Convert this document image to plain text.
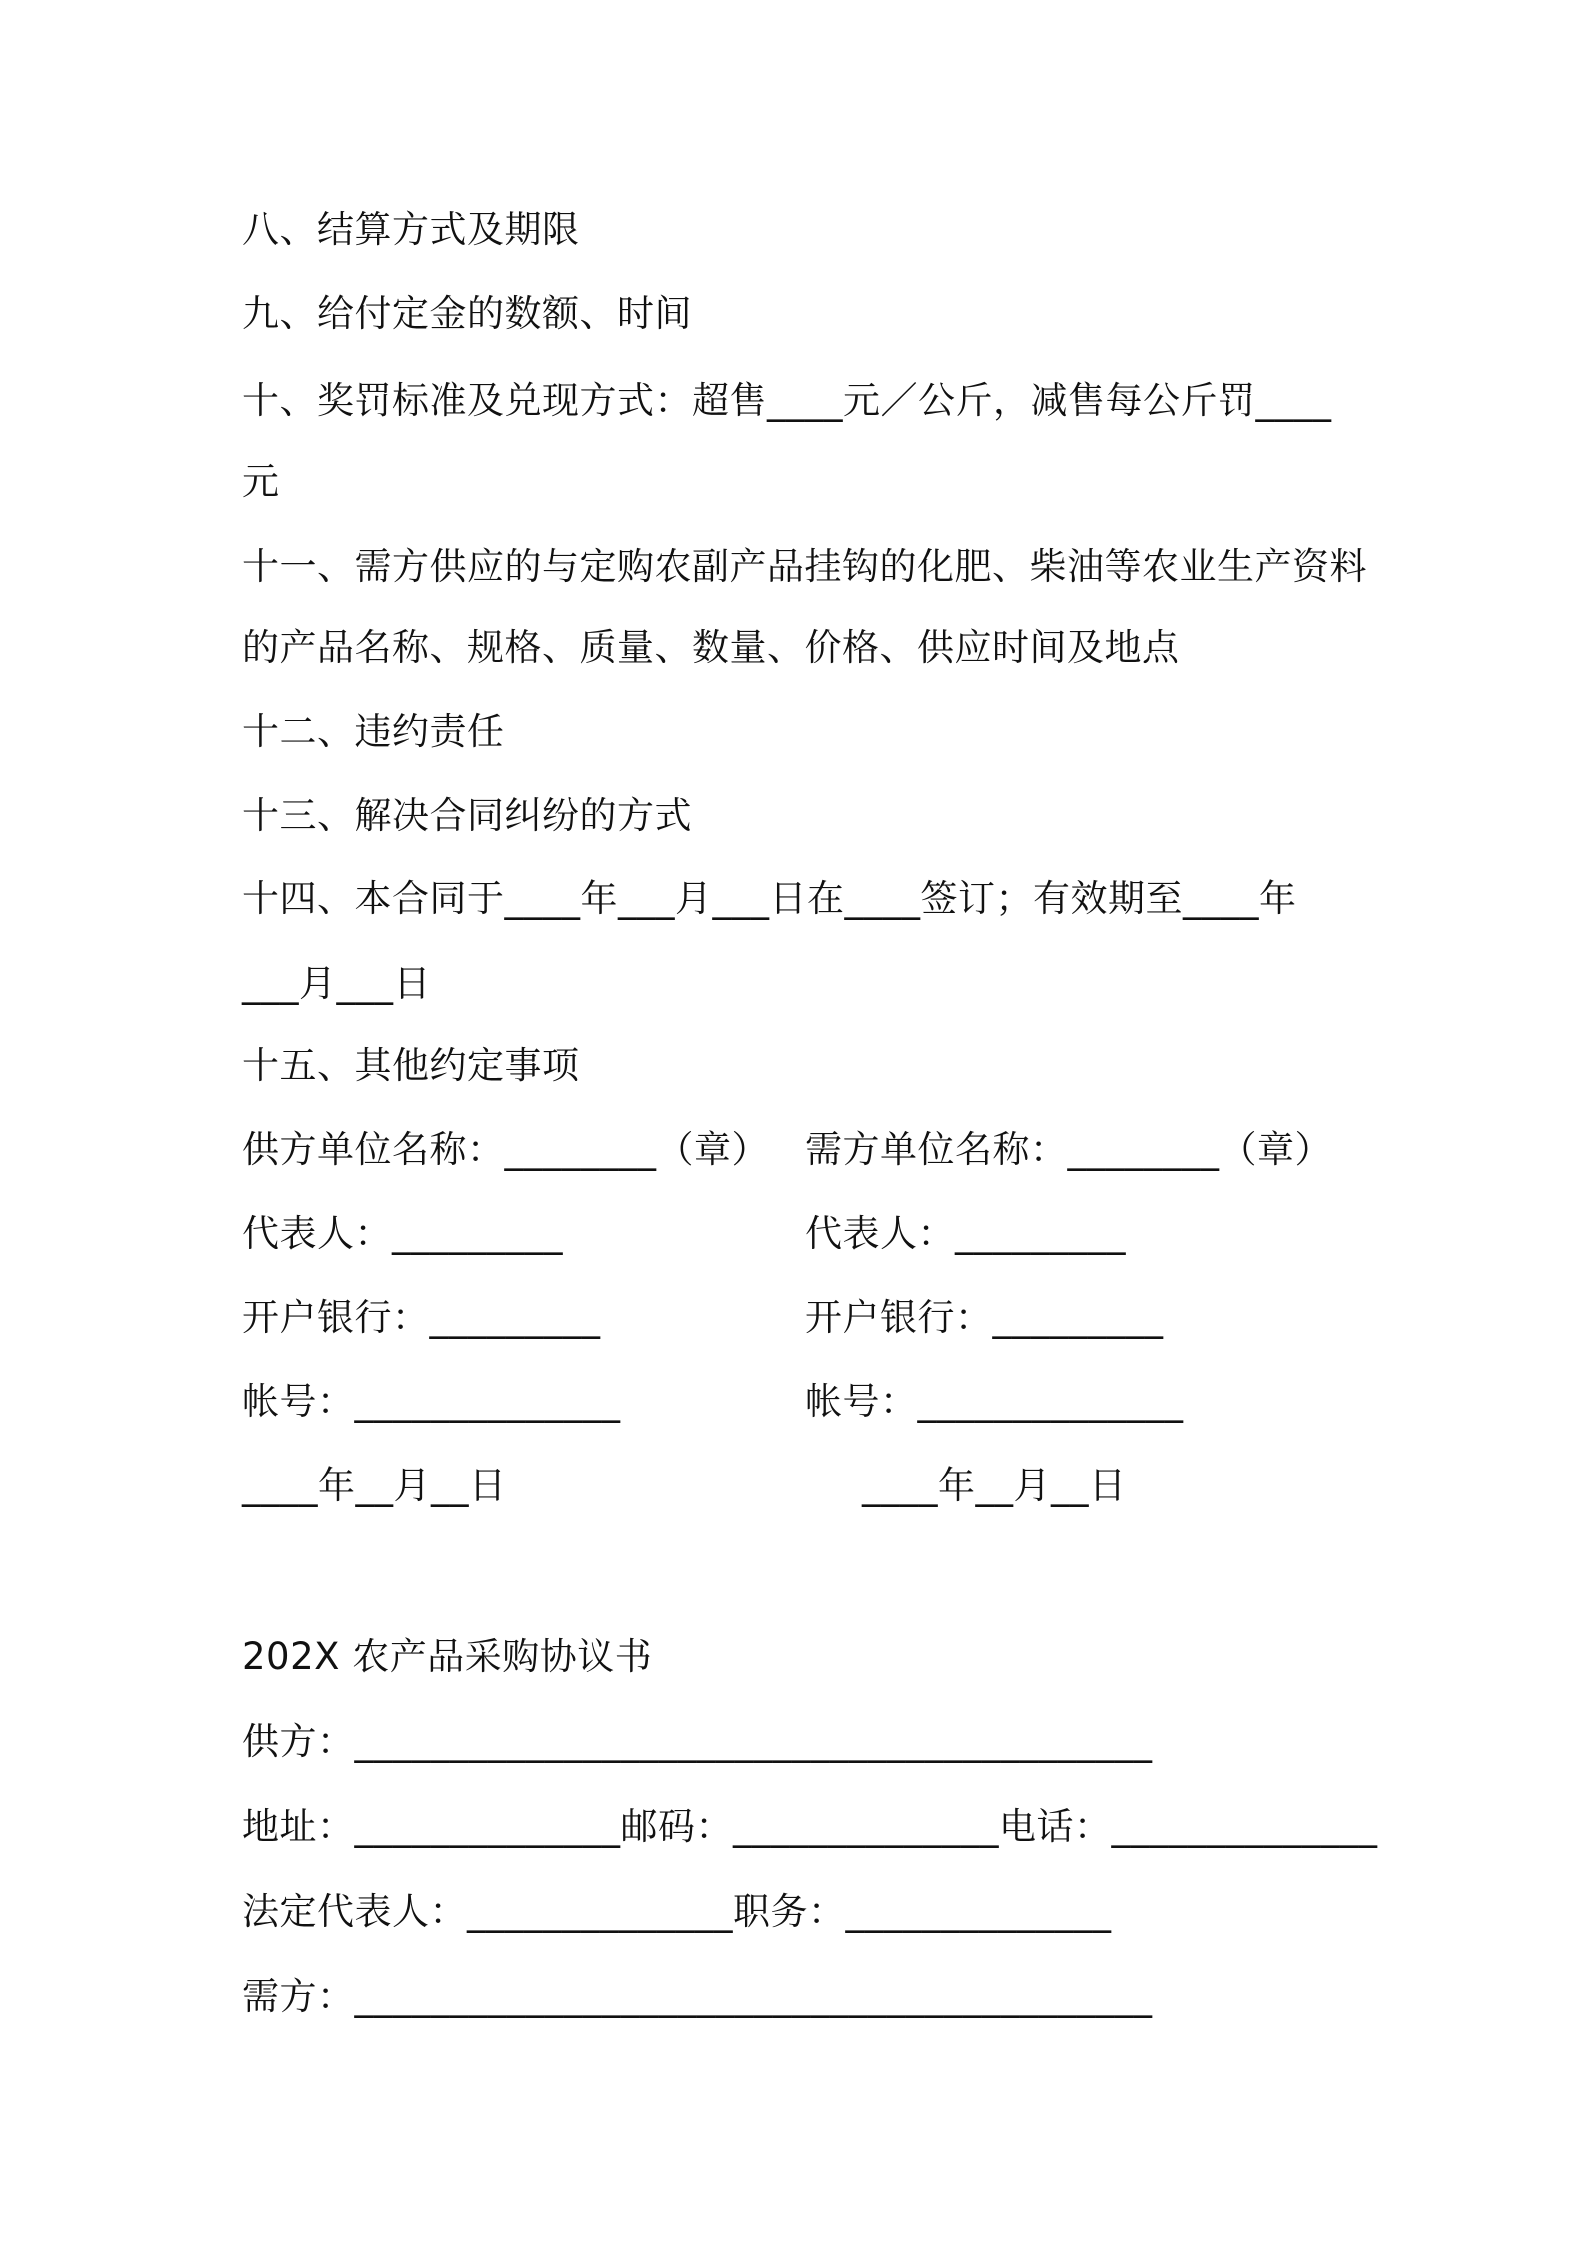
八、结算方式及期限
九、给付定金的数额、时间
十、奖罚标准及兑现方式：超售____元／公斤，减售每公斤罚____
元
十一、需方供应的与定购农副产品挂钩的化肥、柴油等农业生产资料
的产品名称、规格、质量、数量、价格、供应时间及地点
十二、违约责任
十三、解决合同纠纷的方式
十四、本合同于____年___月___日在____签订；有效期至____年
___月___日
十五、其他约定事项
供方单位名称：________（章）
代表人：_________
开户银行：_________
帐号：______________
____年__月__日
需方单位名称：________（章）
代表人：_________
开户银行：_________
帐号：______________
____年__月__日
202X 农产品采购协议书
供方：__________________________________________
地址：______________邮码：______________电话：______________
法定代表人：______________职务：______________
需方：__________________________________________
